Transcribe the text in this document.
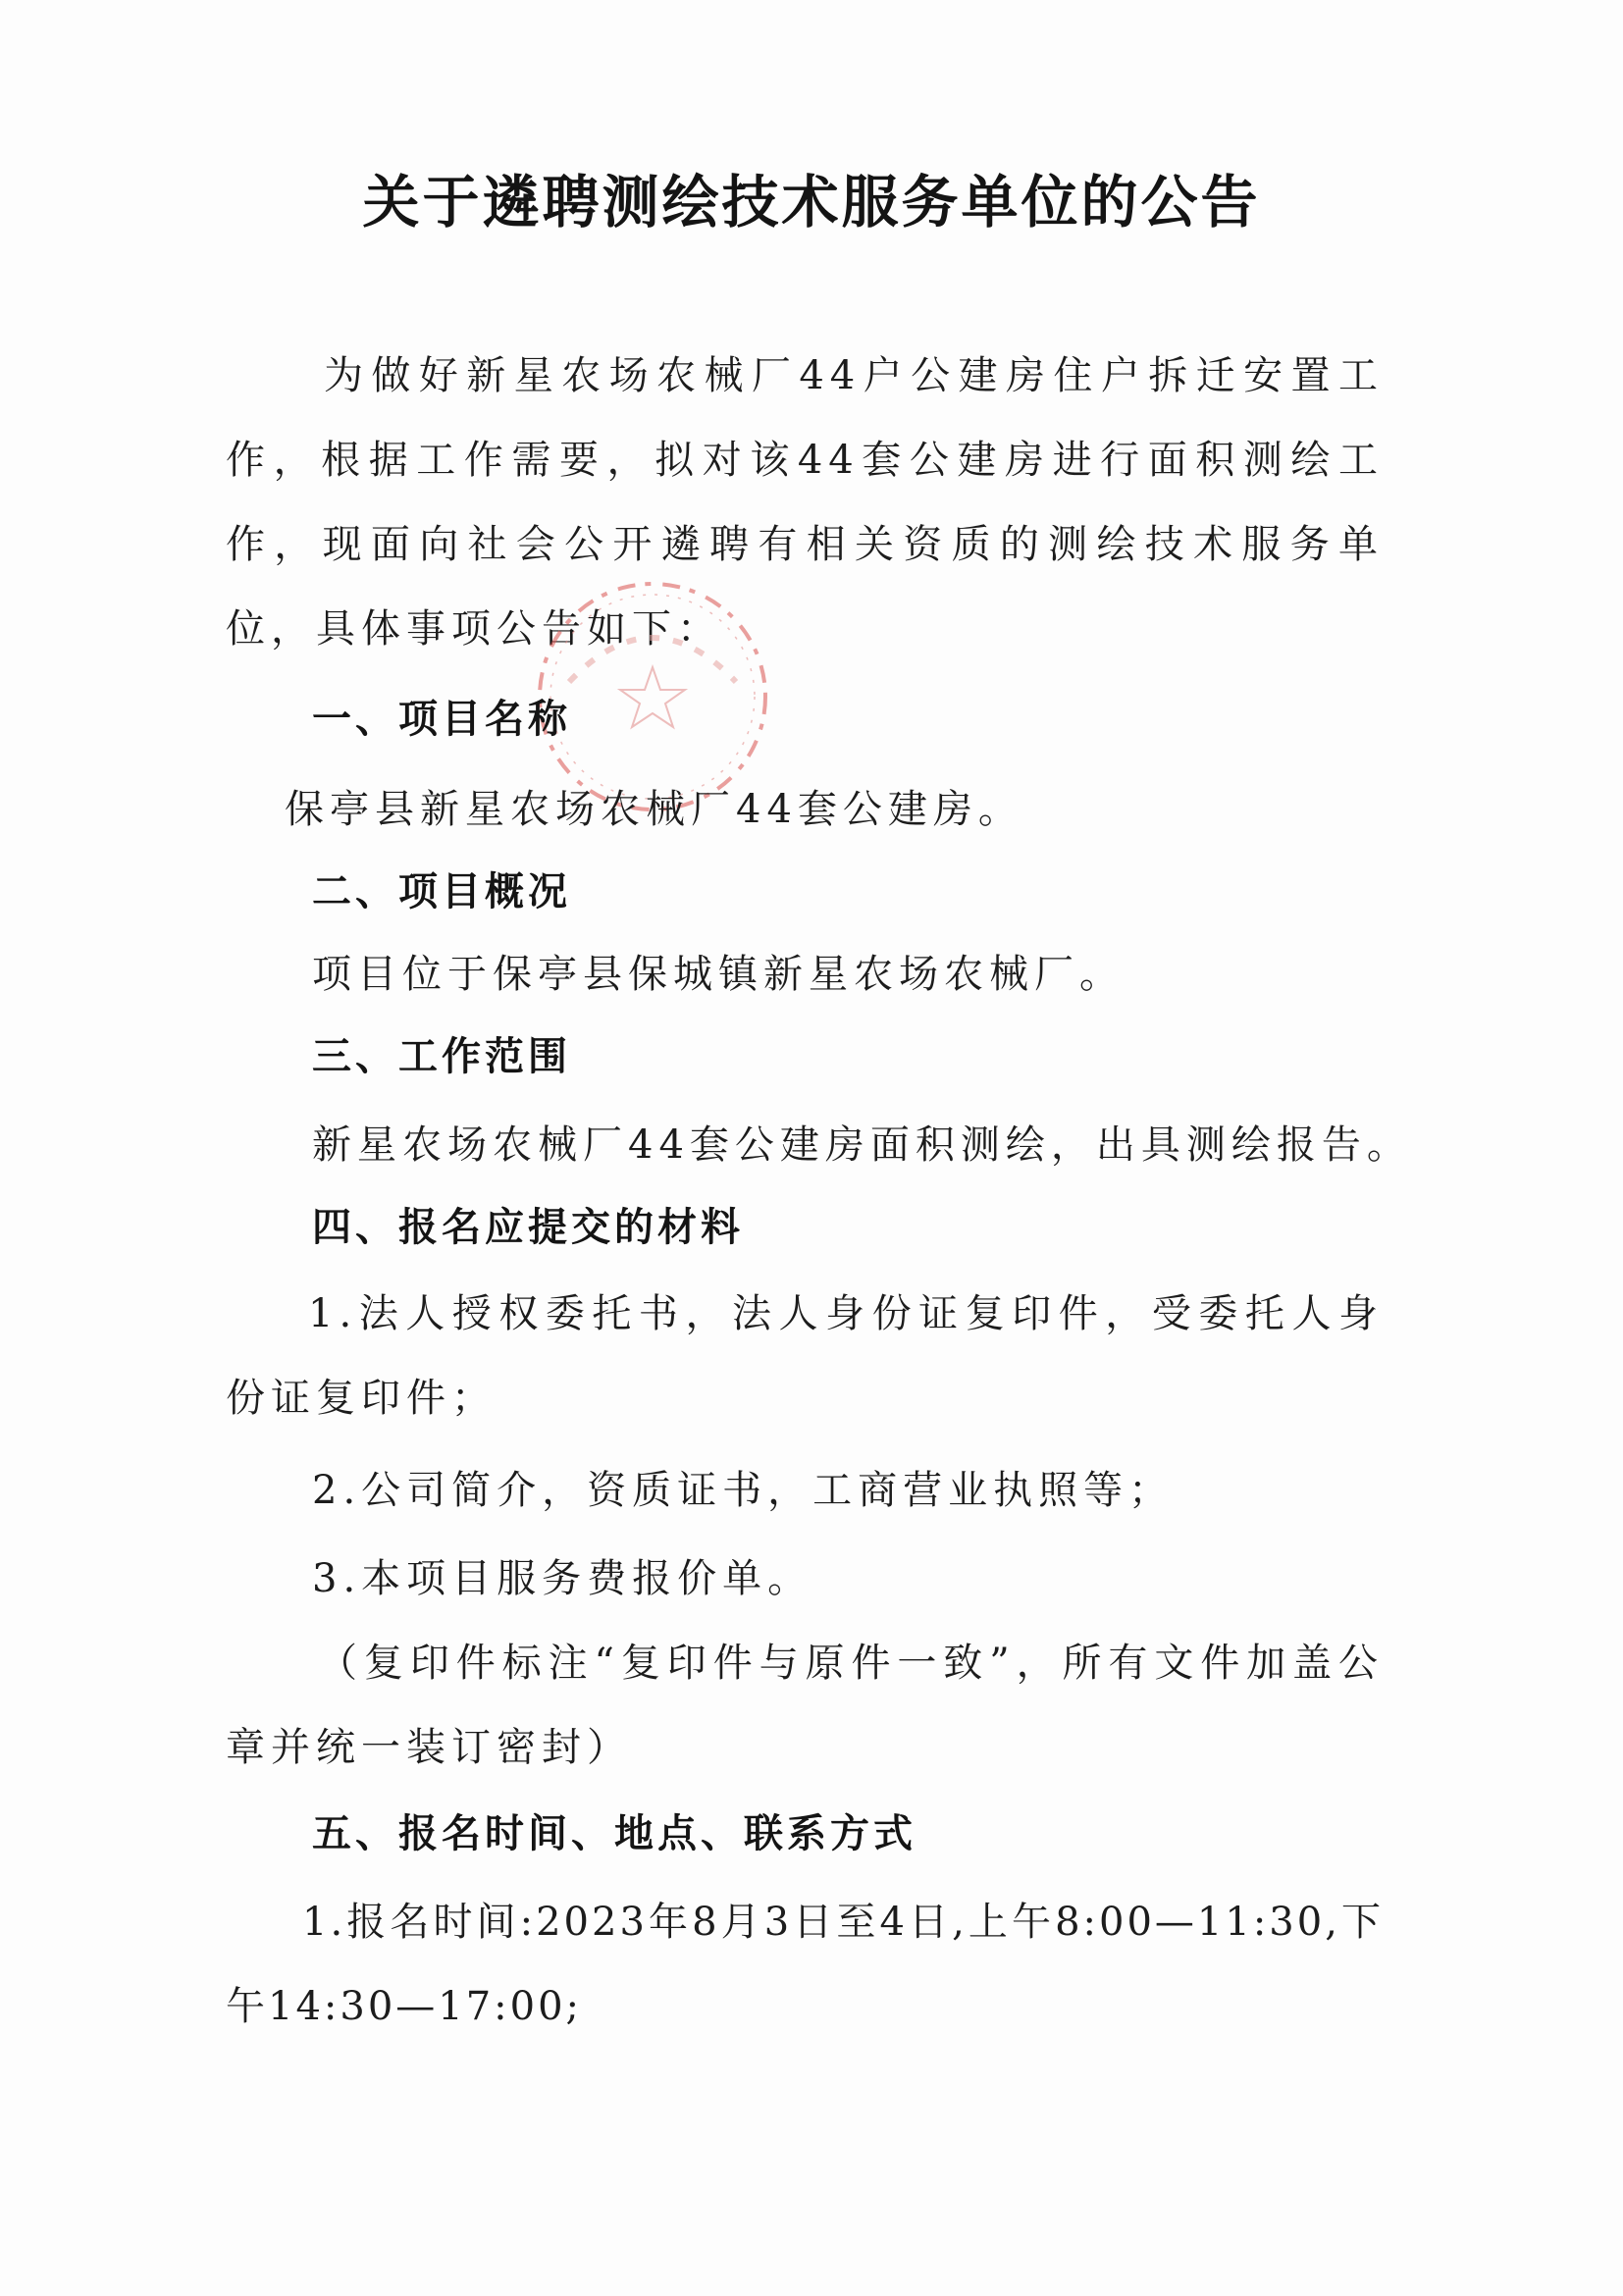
关于遴聘测绘技术服务单位的公告

为做好新星农场农械厂44户公建房住户拆迁安置工作，根据工作需要，拟对该44套公建房进行面积测绘工作，现面向社会公开遴聘有相关资质的测绘技术服务单位，具体事项公告如下：

一、项目名称
保亭县新星农场农械厂44套公建房。
二、项目概况
项目位于保亭县保城镇新星农场农械厂。
三、工作范围
新星农场农械厂44套公建房面积测绘，出具测绘报告。
四、报名应提交的材料

1.法人授权委托书，法人身份证复印件，受委托人身份证复印件；

2.公司简介，资质证书，工商营业执照等；
3.本项目服务费报价单。

（复印件标注“复印件与原件一致”，所有文件加盖公章并统一装订密封）

五、报名时间、地点、联系方式

1.报名时间:2023年8月3日至4日,上午8:00—11:30,下午14:30—17:00;
